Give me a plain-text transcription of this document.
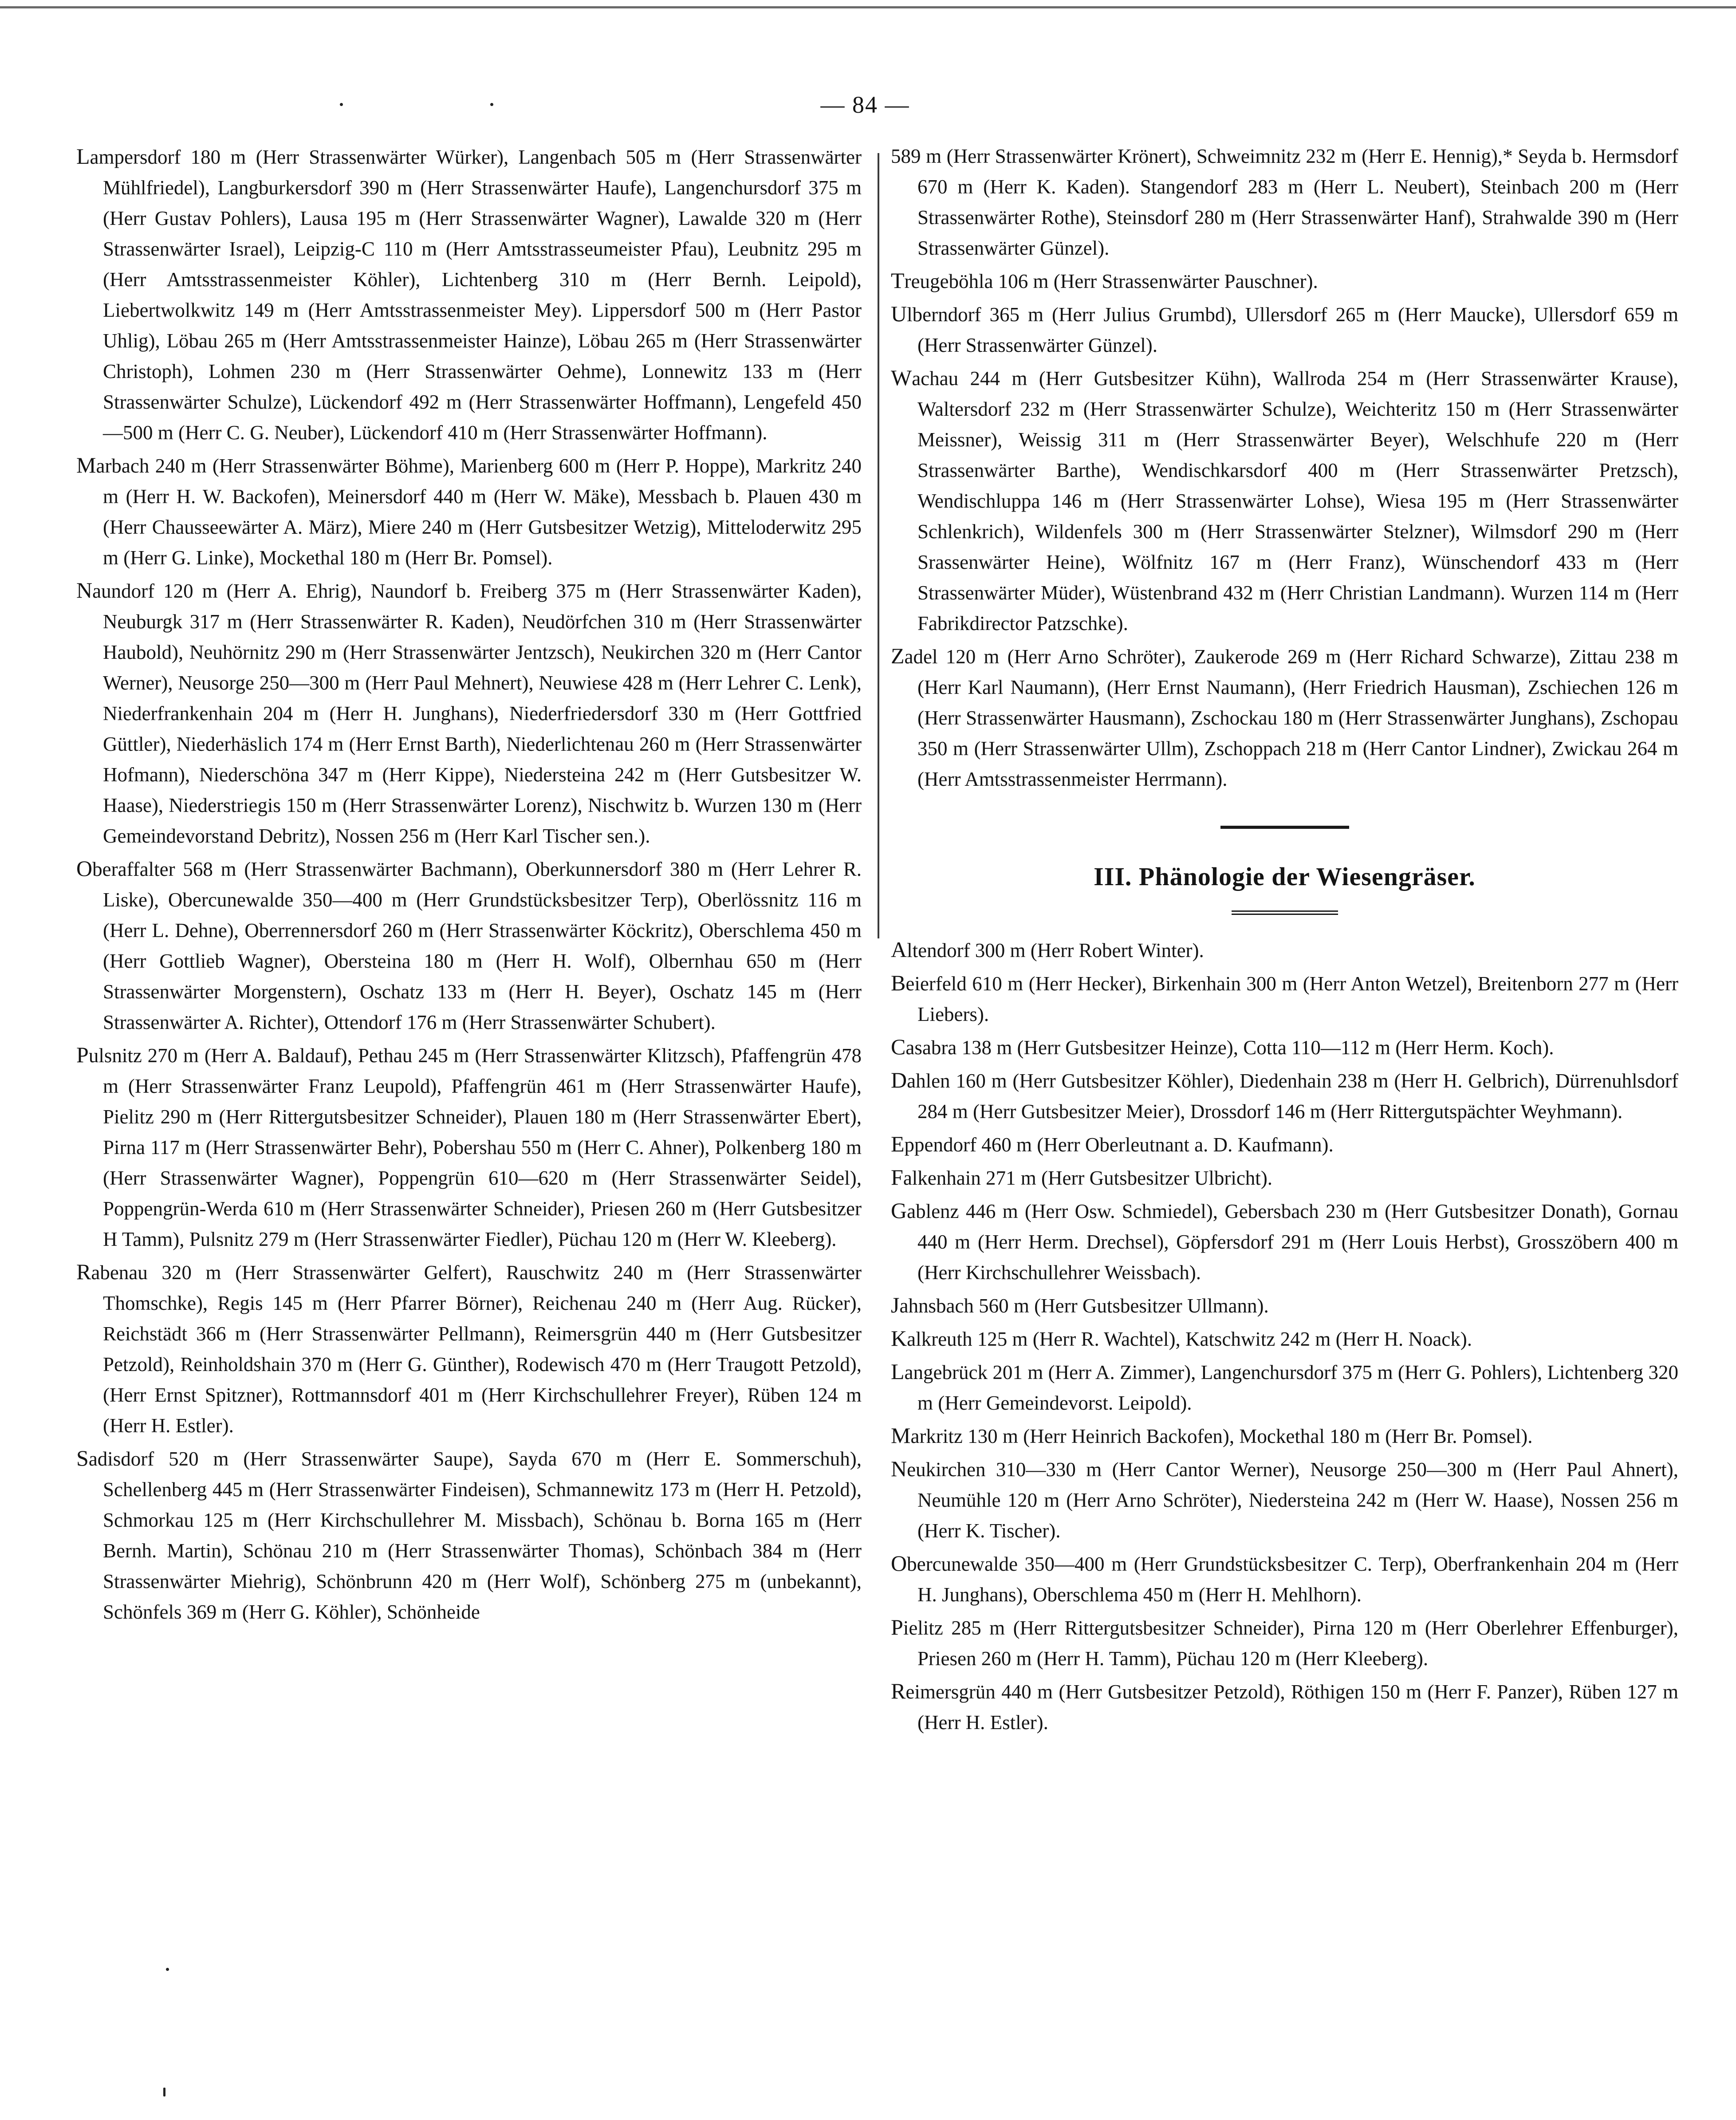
— 84 —

Lampersdorf 180 m (Herr Strassenwärter Würker), Langenbach 505 m (Herr Strassenwärter Mühlfriedel), Langburkersdorf 390 m (Herr Strassenwärter Haufe), Langenchursdorf 375 m (Herr Gustav Pohlers), Lausa 195 m (Herr Strassenwärter Wagner), Lawalde 320 m (Herr Strassenwärter Israel), Leipzig-C 110 m (Herr Amtsstrasseumeister Pfau), Leubnitz 295 m (Herr Amtsstrassenmeister Köhler), Lichtenberg 310 m (Herr Bernh. Leipold), Liebertwolkwitz 149 m (Herr Amtsstrassenmeister Mey). Lippersdorf 500 m (Herr Pastor Uhlig), Löbau 265 m (Herr Amtsstrassenmeister Hainze), Löbau 265 m (Herr Strassenwärter Christoph), Lohmen 230 m (Herr Strassenwärter Oehme), Lonnewitz 133 m (Herr Strassenwärter Schulze), Lückendorf 492 m (Herr Strassenwärter Hoffmann), Lengefeld 450—500 m (Herr C. G. Neuber), Lückendorf 410 m (Herr Strassenwärter Hoffmann).

Marbach 240 m (Herr Strassenwärter Böhme), Marienberg 600 m (Herr P. Hoppe), Markritz 240 m (Herr H. W. Backofen), Meinersdorf 440 m (Herr W. Mäke), Messbach b. Plauen 430 m (Herr Chausseewärter A. März), Miere 240 m (Herr Gutsbesitzer Wetzig), Mitteloderwitz 295 m (Herr G. Linke), Mockethal 180 m (Herr Br. Pomsel).

Naundorf 120 m (Herr A. Ehrig), Naundorf b. Freiberg 375 m (Herr Strassenwärter Kaden), Neuburgk 317 m (Herr Strassenwärter R. Kaden), Neudörfchen 310 m (Herr Strassenwärter Haubold), Neuhörnitz 290 m (Herr Strassenwärter Jentzsch), Neukirchen 320 m (Herr Cantor Werner), Neusorge 250—300 m (Herr Paul Mehnert), Neuwiese 428 m (Herr Lehrer C. Lenk), Niederfrankenhain 204 m (Herr H. Junghans), Niederfriedersdorf 330 m (Herr Gottfried Güttler), Niederhäslich 174 m (Herr Ernst Barth), Niederlichtenau 260 m (Herr Strassenwärter Hofmann), Niederschöna 347 m (Herr Kippe), Niedersteina 242 m (Herr Gutsbesitzer W. Haase), Niederstriegis 150 m (Herr Strassenwärter Lorenz), Nischwitz b. Wurzen 130 m (Herr Gemeindevorstand Debritz), Nossen 256 m (Herr Karl Tischer sen.).

Oberaffalter 568 m (Herr Strassenwärter Bachmann), Oberkunnersdorf 380 m (Herr Lehrer R. Liske), Obercunewalde 350—400 m (Herr Grundstücksbesitzer Terp), Oberlössnitz 116 m (Herr L. Dehne), Oberrennersdorf 260 m (Herr Strassenwärter Köckritz), Oberschlema 450 m (Herr Gottlieb Wagner), Obersteina 180 m (Herr H. Wolf), Olbernhau 650 m (Herr Strassenwärter Morgenstern), Oschatz 133 m (Herr H. Beyer), Oschatz 145 m (Herr Strassenwärter A. Richter), Ottendorf 176 m (Herr Strassenwärter Schubert).

Pulsnitz 270 m (Herr A. Baldauf), Pethau 245 m (Herr Strassenwärter Klitzsch), Pfaffengrün 478 m (Herr Strassenwärter Franz Leupold), Pfaffengrün 461 m (Herr Strassenwärter Haufe), Pielitz 290 m (Herr Rittergutsbesitzer Schneider), Plauen 180 m (Herr Strassenwärter Ebert), Pirna 117 m (Herr Strassenwärter Behr), Pobershau 550 m (Herr C. Ahner), Polkenberg 180 m (Herr Strassenwärter Wagner), Poppengrün 610—620 m (Herr Strassenwärter Seidel), Poppengrün-Werda 610 m (Herr Strassenwärter Schneider), Priesen 260 m (Herr Gutsbesitzer H Tamm), Pulsnitz 279 m (Herr Strassenwärter Fiedler), Püchau 120 m (Herr W. Kleeberg).

Rabenau 320 m (Herr Strassenwärter Gelfert), Rauschwitz 240 m (Herr Strassenwärter Thomschke), Regis 145 m (Herr Pfarrer Börner), Reichenau 240 m (Herr Aug. Rücker), Reichstädt 366 m (Herr Strassenwärter Pellmann), Reimersgrün 440 m (Herr Gutsbesitzer Petzold), Reinholdshain 370 m (Herr G. Günther), Rodewisch 470 m (Herr Traugott Petzold), (Herr Ernst Spitzner), Rottmannsdorf 401 m (Herr Kirchschullehrer Freyer), Rüben 124 m (Herr H. Estler).

Sadisdorf 520 m (Herr Strassenwärter Saupe), Sayda 670 m (Herr E. Sommerschuh), Schellenberg 445 m (Herr Strassenwärter Findeisen), Schmannewitz 173 m (Herr H. Petzold), Schmorkau 125 m (Herr Kirchschullehrer M. Missbach), Schönau b. Borna 165 m (Herr Bernh. Martin), Schönau 210 m (Herr Strassenwärter Thomas), Schönbach 384 m (Herr Strassenwärter Miehrig), Schönbrunn 420 m (Herr Wolf), Schönberg 275 m (unbekannt), Schönfels 369 m (Herr G. Köhler), Schönheide

589 m (Herr Strassenwärter Krönert), Schweimnitz 232 m (Herr E. Hennig),* Seyda b. Hermsdorf 670 m (Herr K. Kaden). Stangendorf 283 m (Herr L. Neubert), Steinbach 200 m (Herr Strassenwärter Rothe), Steinsdorf 280 m (Herr Strassenwärter Hanf), Strahwalde 390 m (Herr Strassenwärter Günzel).

Treugeböhla 106 m (Herr Strassenwärter Pauschner).

Ulberndorf 365 m (Herr Julius Grumbd), Ullersdorf 265 m (Herr Maucke), Ullersdorf 659 m (Herr Strassenwärter Günzel).

Wachau 244 m (Herr Gutsbesitzer Kühn), Wallroda 254 m (Herr Strassenwärter Krause), Waltersdorf 232 m (Herr Strassenwärter Schulze), Weichteritz 150 m (Herr Strassenwärter Meissner), Weissig 311 m (Herr Strassenwärter Beyer), Welschhufe 220 m (Herr Strassenwärter Barthe), Wendischkarsdorf 400 m (Herr Strassenwärter Pretzsch), Wendischluppa 146 m (Herr Strassenwärter Lohse), Wiesa 195 m (Herr Strassenwärter Schlenkrich), Wildenfels 300 m (Herr Strassenwärter Stelzner), Wilmsdorf 290 m (Herr Srassenwärter Heine), Wölfnitz 167 m (Herr Franz), Wünschendorf 433 m (Herr Strassenwärter Müder), Wüstenbrand 432 m (Herr Christian Landmann). Wurzen 114 m (Herr Fabrikdirector Patzschke).

Zadel 120 m (Herr Arno Schröter), Zaukerode 269 m (Herr Richard Schwarze), Zittau 238 m (Herr Karl Naumann), (Herr Ernst Naumann), (Herr Friedrich Hausman), Zschiechen 126 m (Herr Strassenwärter Hausmann), Zschockau 180 m (Herr Strassenwärter Junghans), Zschopau 350 m (Herr Strassenwärter Ullm), Zschoppach 218 m (Herr Cantor Lindner), Zwickau 264 m (Herr Amtsstrassenmeister Herrmann).

III. Phänologie der Wiesengräser.

Altendorf 300 m (Herr Robert Winter).

Beierfeld 610 m (Herr Hecker), Birkenhain 300 m (Herr Anton Wetzel), Breitenborn 277 m (Herr Liebers).

Casabra 138 m (Herr Gutsbesitzer Heinze), Cotta 110—112 m (Herr Herm. Koch).

Dahlen 160 m (Herr Gutsbesitzer Köhler), Diedenhain 238 m (Herr H. Gelbrich), Dürrenuhlsdorf 284 m (Herr Gutsbesitzer Meier), Drossdorf 146 m (Herr Rittergutspächter Weyhmann).

Eppendorf 460 m (Herr Oberleutnant a. D. Kaufmann).

Falkenhain 271 m (Herr Gutsbesitzer Ulbricht).

Gablenz 446 m (Herr Osw. Schmiedel), Gebersbach 230 m (Herr Gutsbesitzer Donath), Gornau 440 m (Herr Herm. Drechsel), Göpfersdorf 291 m (Herr Louis Herbst), Grosszöbern 400 m (Herr Kirchschullehrer Weissbach).

Jahnsbach 560 m (Herr Gutsbesitzer Ullmann).

Kalkreuth 125 m (Herr R. Wachtel), Katschwitz 242 m (Herr H. Noack).

Langebrück 201 m (Herr A. Zimmer), Langenchursdorf 375 m (Herr G. Pohlers), Lichtenberg 320 m (Herr Gemeindevorst. Leipold).

Markritz 130 m (Herr Heinrich Backofen), Mockethal 180 m (Herr Br. Pomsel).

Neukirchen 310—330 m (Herr Cantor Werner), Neusorge 250—300 m (Herr Paul Ahnert), Neumühle 120 m (Herr Arno Schröter), Niedersteina 242 m (Herr W. Haase), Nossen 256 m (Herr K. Tischer).

Obercunewalde 350—400 m (Herr Grundstücksbesitzer C. Terp), Oberfrankenhain 204 m (Herr H. Junghans), Oberschlema 450 m (Herr H. Mehlhorn).

Pielitz 285 m (Herr Rittergutsbesitzer Schneider), Pirna 120 m (Herr Oberlehrer Effenburger), Priesen 260 m (Herr H. Tamm), Püchau 120 m (Herr Kleeberg).

Reimersgrün 440 m (Herr Gutsbesitzer Petzold), Röthigen 150 m (Herr F. Panzer), Rüben 127 m (Herr H. Estler).
